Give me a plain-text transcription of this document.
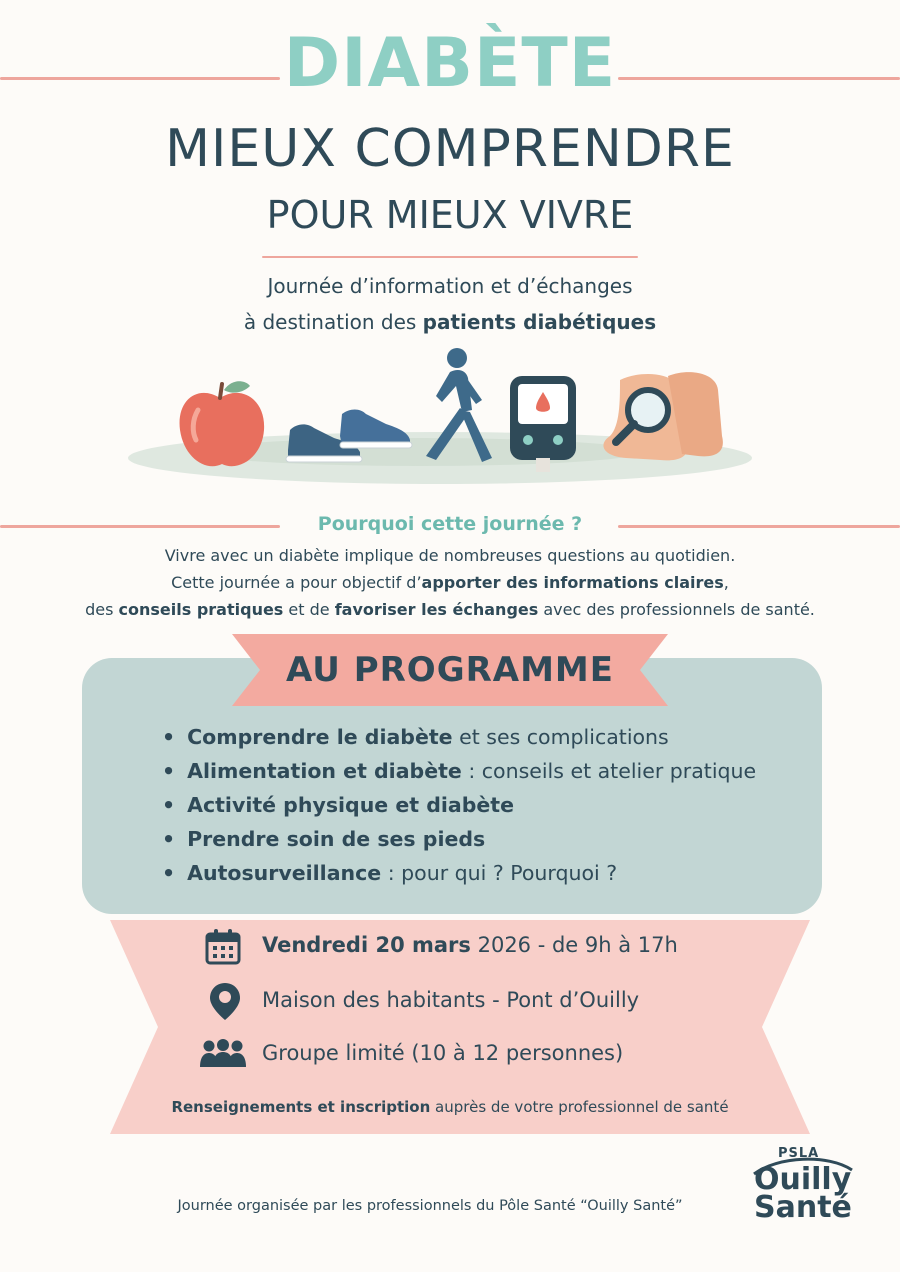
DIABÈTE
MIEUX COMPRENDRE
POUR MIEUX VIVRE
Journée d’information et d’échanges
à destination des patients diabétiques
Pourquoi cette journée ?
Vivre avec un diabète implique de nombreuses questions au quotidien.
Cette journée a pour objectif d’apporter des informations claires,
des conseils pratiques et de favoriser les échanges avec des professionnels de santé.
AU PROGRAMME
• Comprendre le diabète et ses complications
• Alimentation et diabète : conseils et atelier pratique
• Activité physique et diabète
• Prendre soin de ses pieds
• Autosurveillance : pour qui ? Pourquoi ?
Vendredi 20 mars 2026 - de 9h à 17h
Maison des habitants - Pont d’Ouilly
Groupe limité (10 à 12 personnes)
Renseignements et inscription auprès de votre professionnel de santé
Journée organisée par les professionnels du Pôle Santé “Ouilly Santé”
PSLA
Ouilly
Santé
